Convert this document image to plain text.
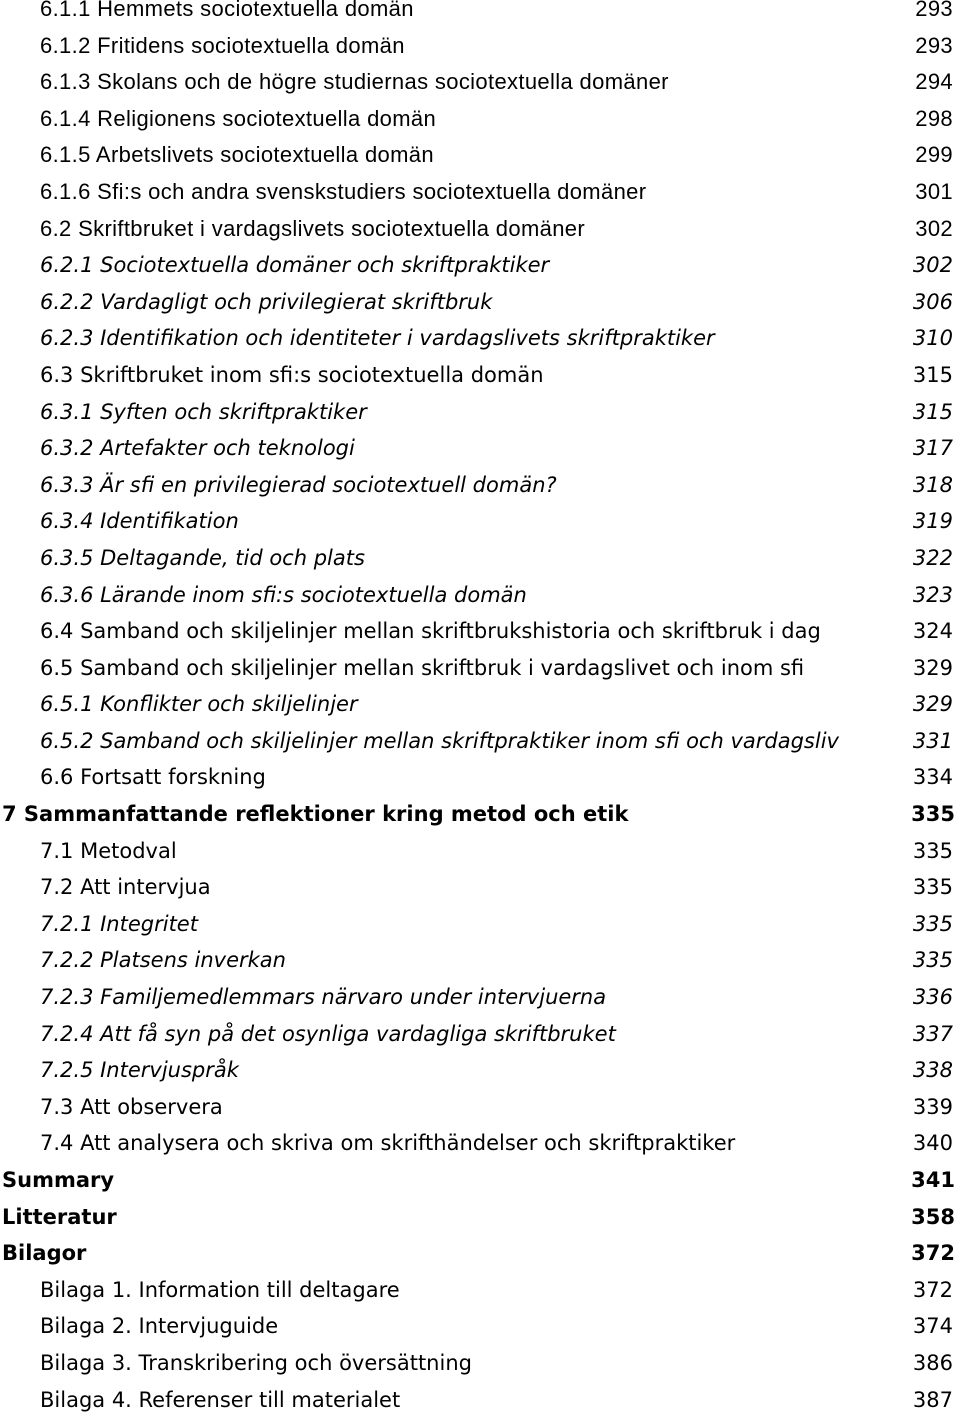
6.1.1 Hemmets sociotextuella domän	293
6.1.2 Fritidens sociotextuella domän	293
6.1.3 Skolans och de högre studiernas sociotextuella domäner	294
6.1.4 Religionens sociotextuella domän	298
6.1.5 Arbetslivets sociotextuella domän	299
6.1.6 Sfi:s och andra svenskstudiers sociotextuella domäner	301
6.2 Skriftbruket i vardagslivets sociotextuella domäner	302
6.2.1 Sociotextuella domäner och skriftpraktiker	302
6.2.2 Vardagligt och privilegierat skriftbruk	306
6.2.3 Identifikation och identiteter i vardagslivets skriftpraktiker	310
6.3 Skriftbruket inom sfi:s sociotextuella domän	315
6.3.1 Syften och skriftpraktiker	315
6.3.2 Artefakter och teknologi	317
6.3.3 Är sfi en privilegierad sociotextuell domän?	318
6.3.4 Identifikation	319
6.3.5 Deltagande, tid och plats	322
6.3.6 Lärande inom sfi:s sociotextuella domän	323
6.4 Samband och skiljelinjer mellan skriftbrukshistoria och skriftbruk i dag	324
6.5 Samband och skiljelinjer mellan skriftbruk i vardagslivet och inom sfi	329
6.5.1 Konflikter och skiljelinjer	329
6.5.2 Samband och skiljelinjer mellan skriftpraktiker inom sfi och vardagsliv	331
6.6 Fortsatt forskning	334
7 Sammanfattande reflektioner kring metod och etik	335
7.1 Metodval	335
7.2 Att intervjua	335
7.2.1 Integritet	335
7.2.2 Platsens inverkan	335
7.2.3 Familjemedlemmars närvaro under intervjuerna	336
7.2.4 Att få syn på det osynliga vardagliga skriftbruket	337
7.2.5 Intervjuspråk	338
7.3 Att observera	339
7.4 Att analysera och skriva om skrifthändelser och skriftpraktiker	340
Summary	341
Litteratur	358
Bilagor	372
Bilaga 1. Information till deltagare	372
Bilaga 2. Intervjuguide	374
Bilaga 3. Transkribering och översättning	386
Bilaga 4. Referenser till materialet	387
